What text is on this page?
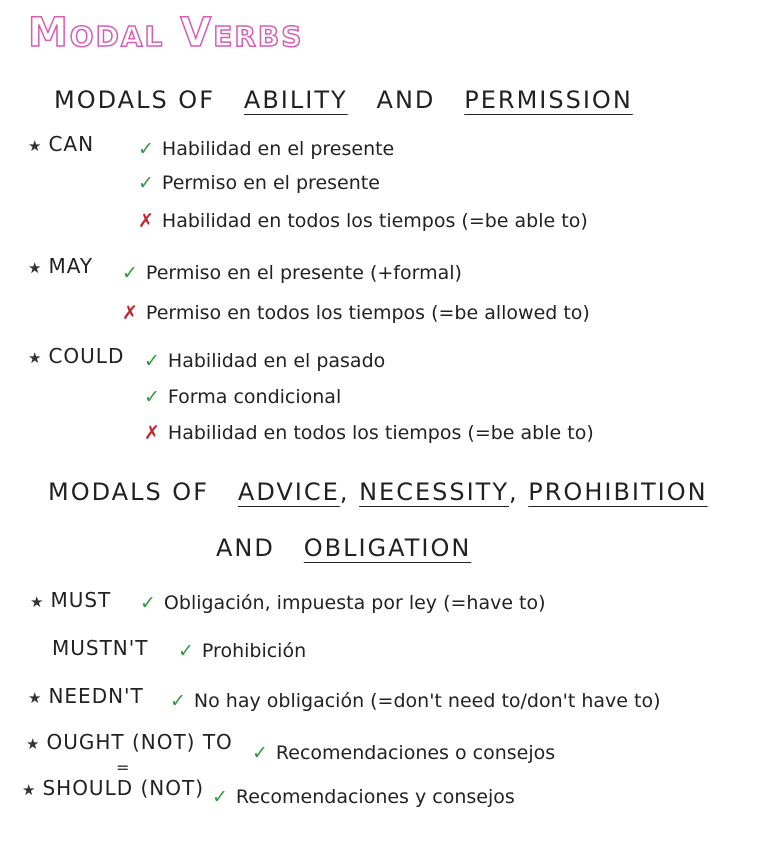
Modal Verbs
MODALS OF ABILITY AND PERMISSION
★ CAN ✓ Habilidad en el presente
✓ Permiso en el presente
✗ Habilidad en todos los tiempos (=be able to)
★ MAY ✓ Permiso en el presente (+formal)
✗ Permiso en todos los tiempos (=be allowed to)
★ COULD ✓ Habilidad en el pasado
✓ Forma condicional
✗ Habilidad en todos los tiempos (=be able to)
MODALS OF ADVICE, NECESSITY, PROHIBITION
AND OBLIGATION
★ MUST ✓ Obligación, impuesta por ley (=have to)
MUSTN'T ✓ Prohibición
★ NEEDN'T ✓ No hay obligación (=don't need to/don't have to)
★ OUGHT (NOT) TO
=
✓ Recomendaciones o consejos
★ SHOULD (NOT) ✓ Recomendaciones y consejos
